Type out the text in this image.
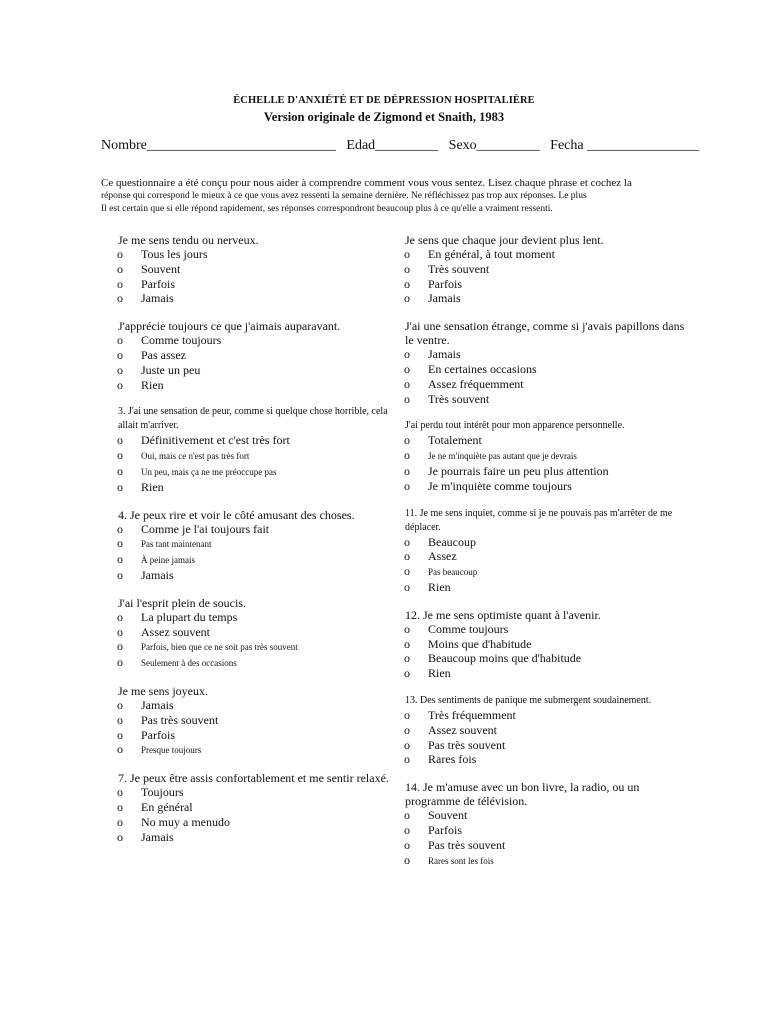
ÉCHELLE D'ANXIÉTÉ ET DE DÉPRESSION HOSPITALIÈRE
Version originale de Zigmond et Snaith, 1983
Nombre___________________________ Edad_________ Sexo_________ Fecha ________________
Ce questionnaire a été conçu pour nous aider à comprendre comment vous vous sentez. Lisez chaque phrase et cochez la
réponse qui correspond le mieux à ce que vous avez ressenti la semaine dernière. Ne réfléchissez pas trop aux réponses. Le plus
Il est certain que si elle répond rapidement, ses réponses correspondront beaucoup plus à ce qu'elle a vraiment ressenti.
Je me sens tendu ou nerveux.
o	Tous les jours
o	Souvent
o	Parfois
o	Jamais
J'apprécie toujours ce que j'aimais auparavant.
o	Comme toujours
o	Pas assez
o	Juste un peu
o	Rien
3. J'ai une sensation de peur, comme si quelque chose horrible, cela allait m'arriver.
o	Définitivement et c'est très fort
o	Oui, mais ce n'est pas très fort
o	Un peu, mais ça ne me préoccupe pas
o	Rien
4. Je peux rire et voir le côté amusant des choses.
o	Comme je l'ai toujours fait
o	Pas tant maintenant
o	À peine jamais
o	Jamais
J'ai l'esprit plein de soucis.
o	La plupart du temps
o	Assez souvent
o	Parfois, bien que ce ne soit pas très souvent
o	Seulement à des occasions
Je me sens joyeux.
o	Jamais
o	Pas très souvent
o	Parfois
o	Presque toujours
7. Je peux être assis confortablement et me sentir relaxé.
o	Toujours
o	En général
o	No muy a menudo
o	Jamais
Je sens que chaque jour devient plus lent.
o	En général, à tout moment
o	Très souvent
o	Parfois
o	Jamais
J'ai une sensation étrange, comme si j'avais papillons dans le ventre.
o	Jamais
o	En certaines occasions
o	Assez fréquemment
o	Très souvent
J'ai perdu tout intérêt pour mon apparence personnelle.
o	Totalement
o	Je ne m'inquiète pas autant que je devrais
o	Je pourrais faire un peu plus attention
o	Je m'inquiète comme toujours
11. Je me sens inquiet, comme si je ne pouvais pas m'arrêter de me déplacer.
o	Beaucoup
o	Assez
o	Pas beaucoup
o	Rien
12. Je me sens optimiste quant à l'avenir.
o	Comme toujours
o	Moins que d'habitude
o	Beaucoup moins que d'habitude
o	Rien
13. Des sentiments de panique me submergent soudainement.
o	Très fréquemment
o	Assez souvent
o	Pas très souvent
o	Rares fois
14. Je m'amuse avec un bon livre, la radio, ou un programme de télévision.
o	Souvent
o	Parfois
o	Pas très souvent
o	Rares sont les fois
